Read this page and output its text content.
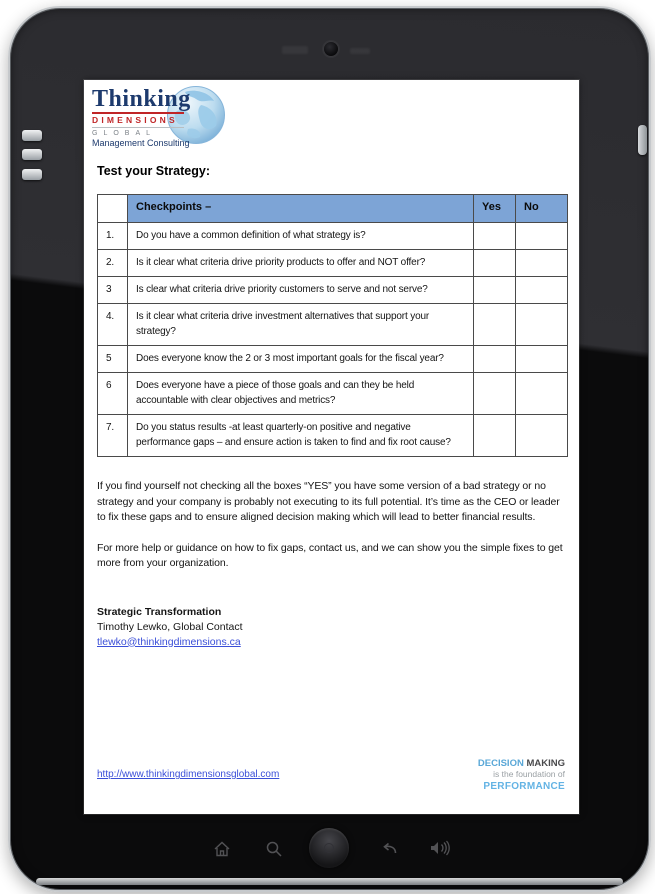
Thinking
DIMENSIONS
GLOBAL
Management Consulting
Test your Strategy:
	Checkpoints –	Yes	No
1.	Do you have a common definition of what strategy is?		
2.	Is it clear what criteria drive priority products to offer and NOT offer?		
3	Is clear what criteria drive priority customers to serve and not serve?		
4.	Is it clear what criteria drive investment alternatives that support your strategy?		
5	Does everyone know the 2 or 3 most important goals for the fiscal year?		
6	Does everyone have a piece of those goals and can they be held accountable with clear objectives and metrics?		
7.	Do you status results -at least quarterly-on positive and negative performance gaps – and ensure action is taken to find and fix root cause?		

If you find yourself not checking all the boxes “YES” you have some version of a bad strategy or no strategy and your company is probably not executing to its full potential. It’s time as the CEO or leader to fix these gaps and to ensure aligned decision making which will lead to better financial results.

For more help or guidance on how to fix gaps, contact us, and we can show you the simple fixes to get more from your organization.

Strategic Transformation
Timothy Lewko, Global Contact
tlewko@thinkingdimensions.ca
http://www.thinkingdimensionsglobal.com
DECISION MAKING
is the foundation of
PERFORMANCE
